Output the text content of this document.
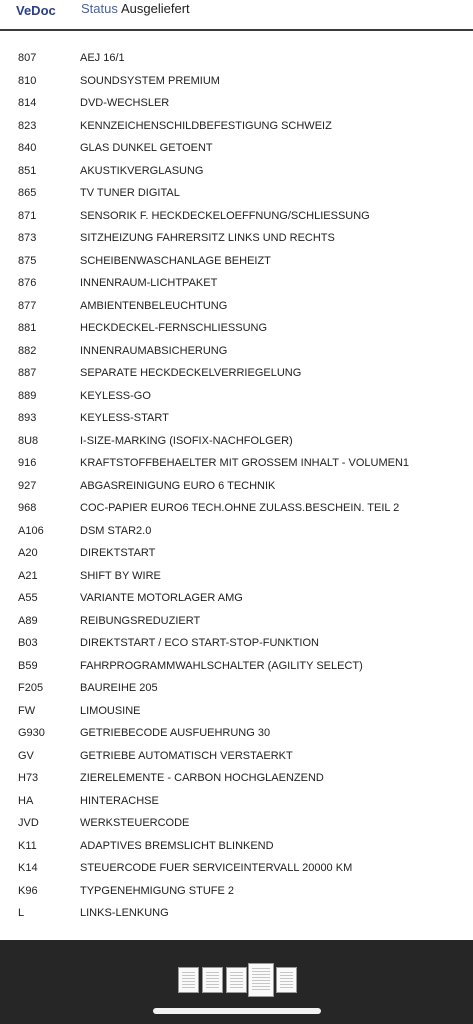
VeDoc Status Ausgeliefert
807	AEJ 16/1
810	SOUNDSYSTEM PREMIUM
814	DVD-WECHSLER
823	KENNZEICHENSCHILDBEFESTIGUNG SCHWEIZ
840	GLAS DUNKEL GETOENT
851	AKUSTIKVERGLASUNG
865	TV TUNER DIGITAL
871	SENSORIK F. HECKDECKELOEFFNUNG/SCHLIESSUNG
873	SITZHEIZUNG FAHRERSITZ LINKS UND RECHTS
875	SCHEIBENWASCHANLAGE BEHEIZT
876	INNENRAUM-LICHTPAKET
877	AMBIENTENBELEUCHTUNG
881	HECKDECKEL-FERNSCHLIESSUNG
882	INNENRAUMABSICHERUNG
887	SEPARATE HECKDECKELVERRIEGELUNG
889	KEYLESS-GO
893	KEYLESS-START
8U8	I-SIZE-MARKING (ISOFIX-NACHFOLGER)
916	KRAFTSTOFFBEHAELTER MIT GROSSEM INHALT - VOLUMEN1
927	ABGASREINIGUNG EURO 6 TECHNIK
968	COC-PAPIER EURO6 TECH.OHNE ZULASS.BESCHEIN. TEIL 2
A106	DSM STAR2.0
A20	DIREKTSTART
A21	SHIFT BY WIRE
A55	VARIANTE MOTORLAGER AMG
A89	REIBUNGSREDUZIERT
B03	DIREKTSTART / ECO START-STOP-FUNKTION
B59	FAHRPROGRAMMWAHLSCHALTER (AGILITY SELECT)
F205	BAUREIHE 205
FW	LIMOUSINE
G930	GETRIEBECODE AUSFUEHRUNG 30
GV	GETRIEBE AUTOMATISCH VERSTAERKT
H73	ZIERELEMENTE - CARBON HOCHGLAENZEND
HA	HINTERACHSE
JVD	WERKSTEUERCODE
K11	ADAPTIVES BREMSLICHT BLINKEND
K14	STEUERCODE FUER SERVICEINTERVALL 20000 KM
K96	TYPGENEHMIGUNG STUFE 2
L	LINKS-LENKUNG
